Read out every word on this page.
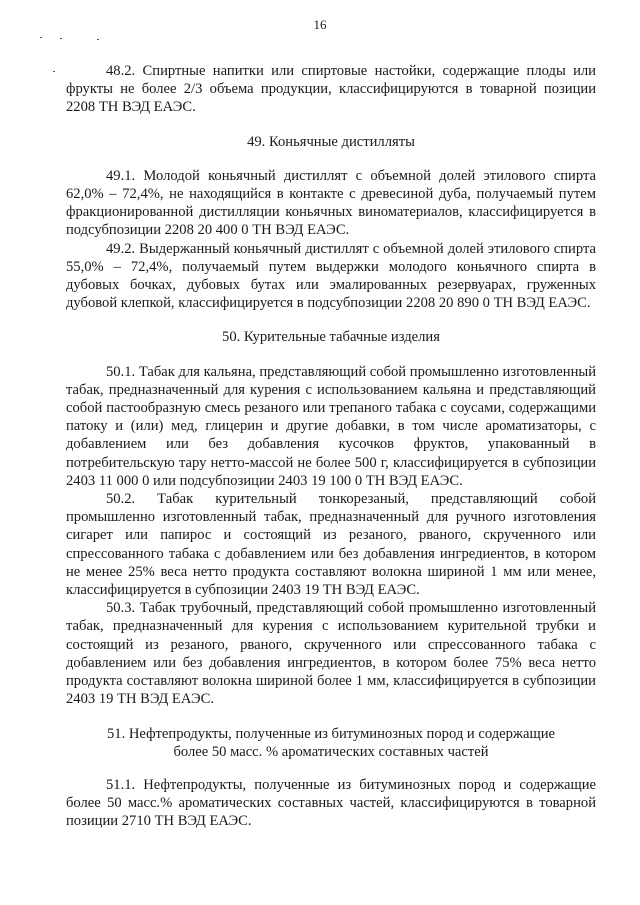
16

48.2. Спиртные напитки или спиртовые настойки, содержащие плоды или фрукты не более 2/3 объема продукции, классифицируются в товарной позиции 2208 ТН ВЭД ЕАЭС.

49. Коньячные дистилляты

49.1. Молодой коньячный дистиллят с объемной долей этилового спирта 62,0% – 72,4%, не находящийся в контакте с древесиной дуба, получаемый путем фракционированной дистилляции коньячных виноматериалов, классифицируется в подсубпозиции 2208 20 400 0 ТН ВЭД ЕАЭС.

49.2. Выдержанный коньячный дистиллят с объемной долей этилового спирта 55,0% – 72,4%, получаемый путем выдержки молодого коньячного спирта в дубовых бочках, дубовых бутах или эмалированных резервуарах, груженных дубовой клепкой, классифицируется в подсубпозиции 2208 20 890 0 ТН ВЭД ЕАЭС.

50. Курительные табачные изделия

50.1. Табак для кальяна, представляющий собой промышленно изготовленный табак, предназначенный для курения с использованием кальяна и представляющий собой пастообразную смесь резаного или трепаного табака с соусами, содержащими патоку и (или) мед, глицерин и другие добавки, в том числе ароматизаторы, с добавлением или без добавления кусочков фруктов, упакованный в потребительскую тару нетто-массой не более 500 г, классифицируется в субпозиции 2403 11 000 0 или подсубпозиции 2403 19 100 0 ТН ВЭД ЕАЭС.

50.2. Табак курительный тонкорезаный, представляющий собой промышленно изготовленный табак, предназначенный для ручного изготовления сигарет или папирос и состоящий из резаного, рваного, скрученного или спрессованного табака с добавлением или без добавления ингредиентов, в котором не менее 25% веса нетто продукта составляют волокна шириной 1 мм или менее, классифицируется в субпозиции 2403 19 ТН ВЭД ЕАЭС.

50.3. Табак трубочный, представляющий собой промышленно изготовленный табак, предназначенный для курения с использованием курительной трубки и состоящий из резаного, рваного, скрученного или спрессованного табака с добавлением или без добавления ингредиентов, в котором более 75% веса нетто продукта составляют волокна шириной более 1 мм, классифицируется в субпозиции 2403 19 ТН ВЭД ЕАЭС.

51. Нефтепродукты, полученные из битуминозных пород и содержащие

более 50 масс. % ароматических составных частей

51.1. Нефтепродукты, полученные из битуминозных пород и содержащие более 50 масс.% ароматических составных частей, классифицируются в товарной позиции 2710 ТН ВЭД ЕАЭС.
